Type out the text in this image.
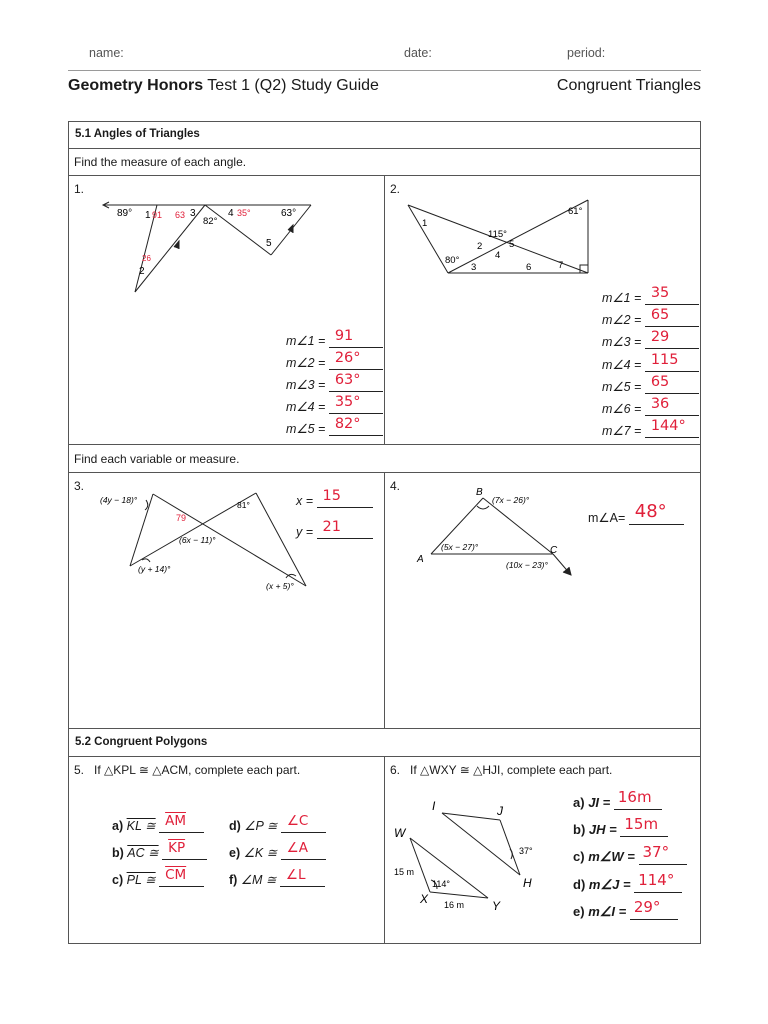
name:	date:	period:
Geometry Honors Test 1 (Q2) Study Guide	Congruent Triangles
5.1 Angles of Triangles
Find the measure of each angle.
Find each variable or measure.
5.2 Congruent Polygons
1.
89° 1	3
82°
4	63°
5
2
91 63	35°
26
m∠1 = 91
m∠2 = 26°
m∠3 = 63°
m∠4 = 35°
m∠5 = 82°
2.
61°
1
115°
2	5
4
80°
3	6	7
m∠1 = 35
m∠2 = 65
m∠3 = 29
m∠4 = 115
m∠5 = 65
m∠6 = 36
m∠7 = 144°
3.
(4y − 18)°	81°
(6x − 11)°
(y + 14)°
(x + 5)°
79
x = 15
y = 21
4.	B
A
C
(7x − 26)°
(5x − 27)°
(10x − 23)°
m∠A= 48°
5. If △KPL ≅ △ACM, complete each part.
a) KL ≅ $\overline{AM}$
b) AC ≅ $\overline{KP}$
c) PL ≅ $\overline{CM}$
d) ∠P ≅ ∠C
e) ∠K ≅ ∠A
f) ∠M ≅ ∠L
6. If △WXY ≅ △HJI, complete each part.
I	J
W
H
X	Y
37°
114°
15 m
16 m
a) JI = 16m
b) JH = 15m
c) m∠W = 37°
d) m∠J = 114°
e) m∠I = 29°
